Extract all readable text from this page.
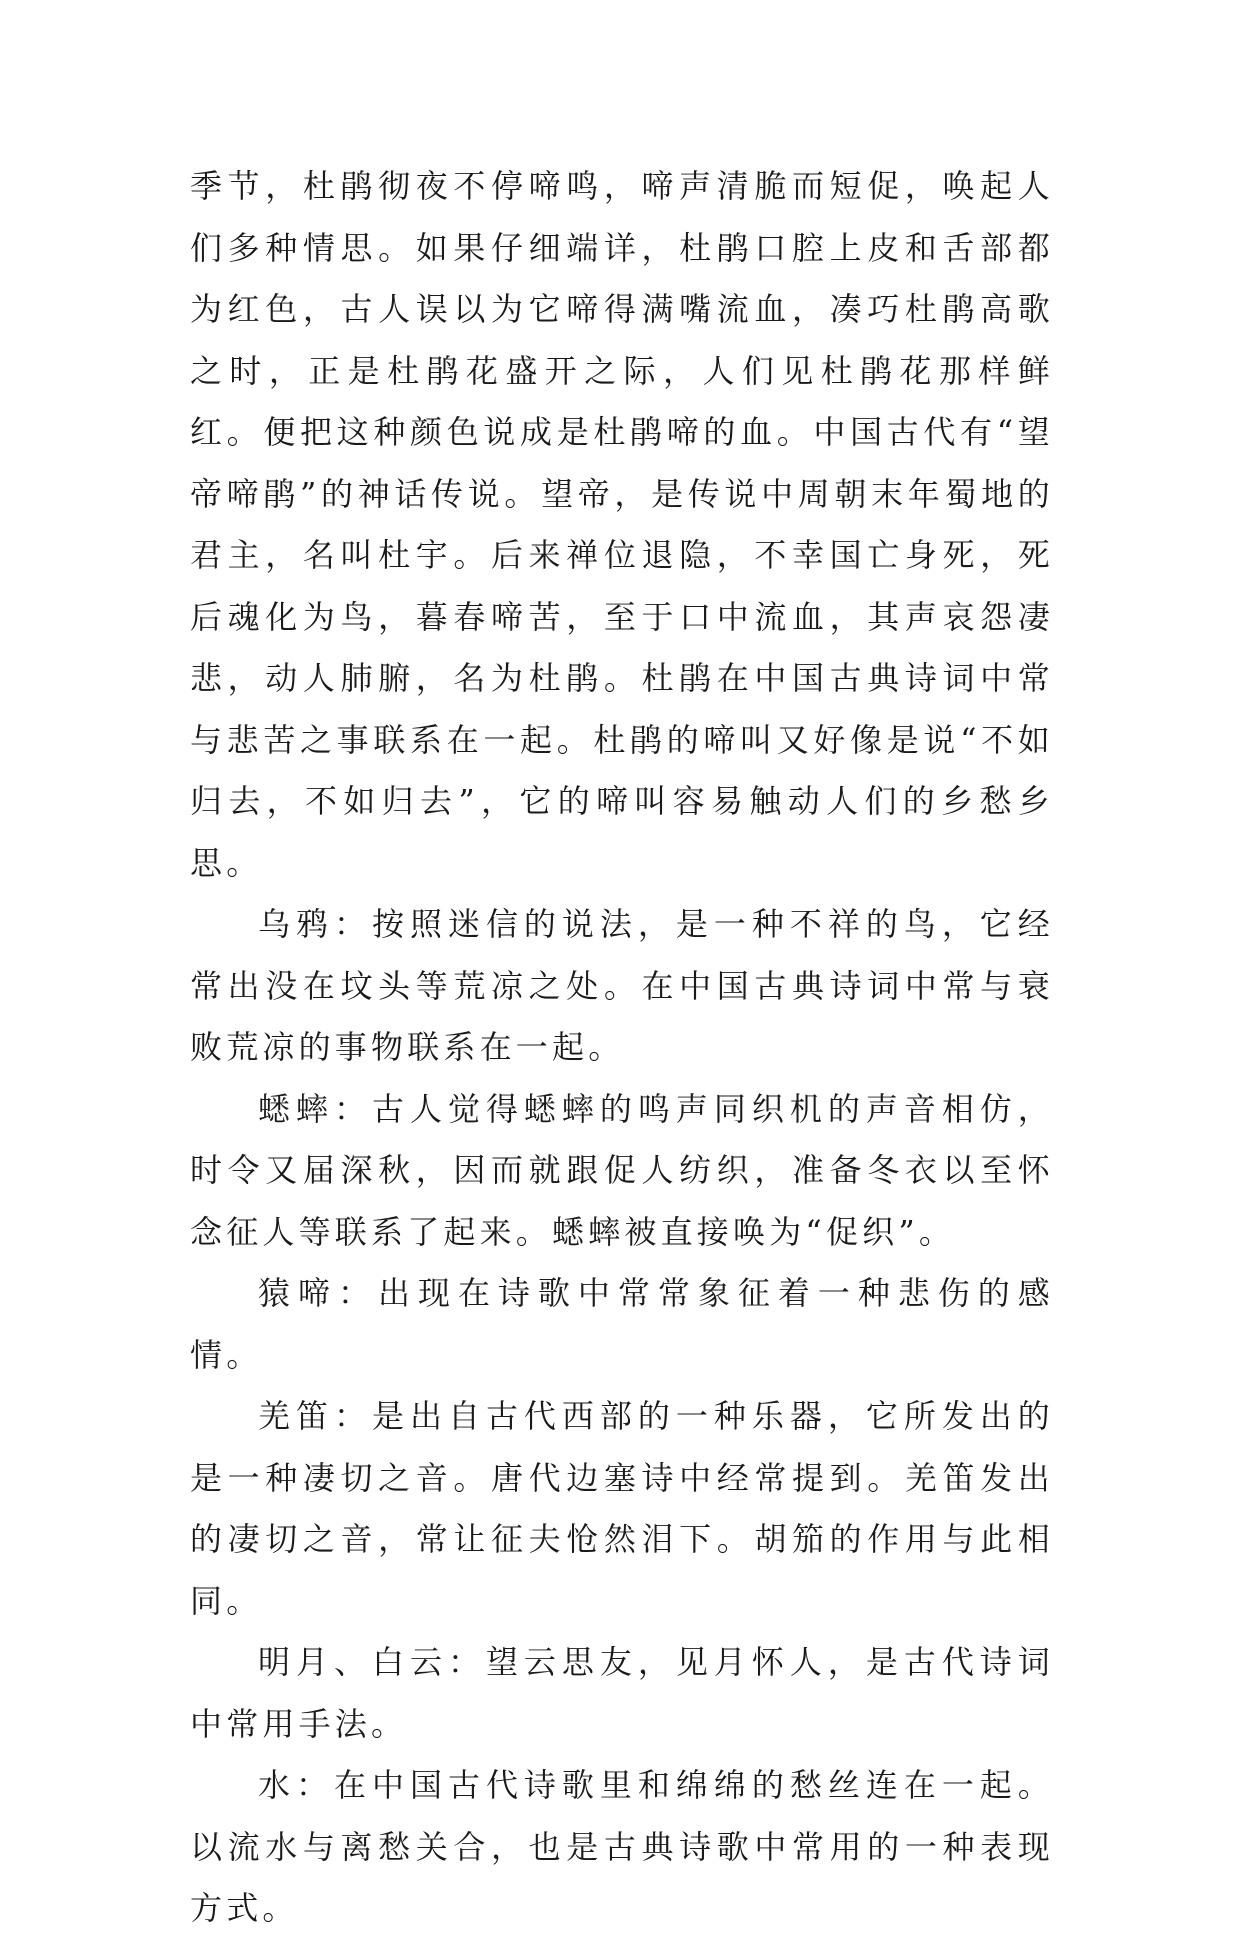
季节，杜鹃彻夜不停啼鸣，啼声清脆而短促，唤起人们多种情思。如果仔细端详，杜鹃口腔上皮和舌部都为红色，古人误以为它啼得满嘴流血，凑巧杜鹃高歌之时，正是杜鹃花盛开之际，人们见杜鹃花那样鲜红。便把这种颜色说成是杜鹃啼的血。中国古代有“望帝啼鹃”的神话传说。望帝，是传说中周朝末年蜀地的君主，名叫杜宇。后来禅位退隐，不幸国亡身死，死后魂化为鸟，暮春啼苦，至于口中流血，其声哀怨凄悲，动人肺腑，名为杜鹃。杜鹃在中国古典诗词中常与悲苦之事联系在一起。杜鹃的啼叫又好像是说“不如归去，不如归去”，它的啼叫容易触动人们的乡愁乡思。

乌鸦：按照迷信的说法，是一种不祥的鸟，它经常出没在坟头等荒凉之处。在中国古典诗词中常与衰败荒凉的事物联系在一起。

蟋蟀：古人觉得蟋蟀的鸣声同织机的声音相仿，时令又届深秋，因而就跟促人纺织，准备冬衣以至怀念征人等联系了起来。蟋蟀被直接唤为“促织”。

猿啼：出现在诗歌中常常象征着一种悲伤的感情。

羌笛：是出自古代西部的一种乐器，它所发出的是一种凄切之音。唐代边塞诗中经常提到。羌笛发出的凄切之音，常让征夫怆然泪下。胡笳的作用与此相同。

明月、白云：望云思友，见月怀人，是古代诗词中常用手法。

水：在中国古代诗歌里和绵绵的愁丝连在一起。以流水与离愁关合，也是古典诗歌中常用的一种表现方式。
